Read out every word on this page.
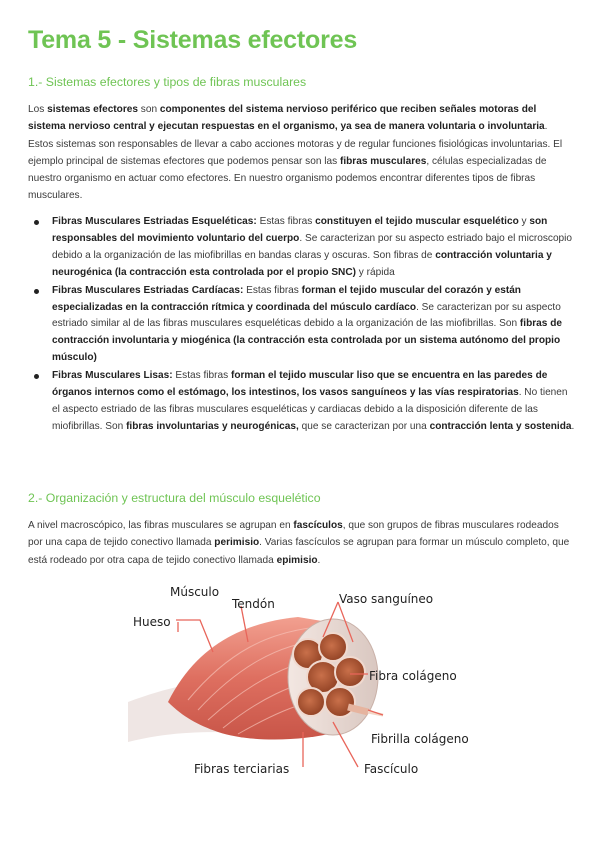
Tema 5 - Sistemas efectores
1.- Sistemas efectores y tipos de fibras musculares

Los sistemas efectores son componentes del sistema nervioso periférico que reciben señales motoras del sistema nervioso central y ejecutan respuestas en el organismo, ya sea de manera voluntaria o involuntaria. Estos sistemas son responsables de llevar a cabo acciones motoras y de regular funciones fisiológicas involuntarias. El ejemplo principal de sistemas efectores que podemos pensar son las fibras musculares, células especializadas de nuestro organismo en actuar como efectores. En nuestro organismo podemos encontrar diferentes tipos de fibras musculares.

Fibras Musculares Estriadas Esqueléticas: Estas fibras constituyen el tejido muscular esquelético y son responsables del movimiento voluntario del cuerpo. Se caracterizan por su aspecto estriado bajo el microscopio debido a la organización de las miofibrillas en bandas claras y oscuras. Son fibras de contracción voluntaria y neurogénica (la contracción esta controlada por el propio SNC) y rápida
Fibras Musculares Estriadas Cardíacas: Estas fibras forman el tejido muscular del corazón y están especializadas en la contracción rítmica y coordinada del músculo cardíaco. Se caracterizan por su aspecto estriado similar al de las fibras musculares esqueléticas debido a la organización de las miofibrillas. Son fibras de contracción involuntaria y miogénica (la contracción esta controlada por un sistema autónomo del propio músculo)
Fibras Musculares Lisas: Estas fibras forman el tejido muscular liso que se encuentra en las paredes de órganos internos como el estómago, los intestinos, los vasos sanguíneos y las vías respiratorias. No tienen el aspecto estriado de las fibras musculares esqueléticas y cardiacas debido a la disposición diferente de las miofibrillas. Son fibras involuntarias y neurogénicas, que se caracterizan por una contracción lenta y sostenida.
2.- Organización y estructura del músculo esquelético

A nivel macroscópico, las fibras musculares se agrupan en fascículos, que son grupos de fibras musculares rodeados por una capa de tejido conectivo llamada perimisio. Varias fascículos se agrupan para formar un músculo completo, que está rodeado por otra capa de tejido conectivo llamada epimisio.

Músculo
Tendón
Hueso
Vaso sanguíneo
Fibra colágeno
Fibrilla colágeno
Fibras terciarias	Fascículo
